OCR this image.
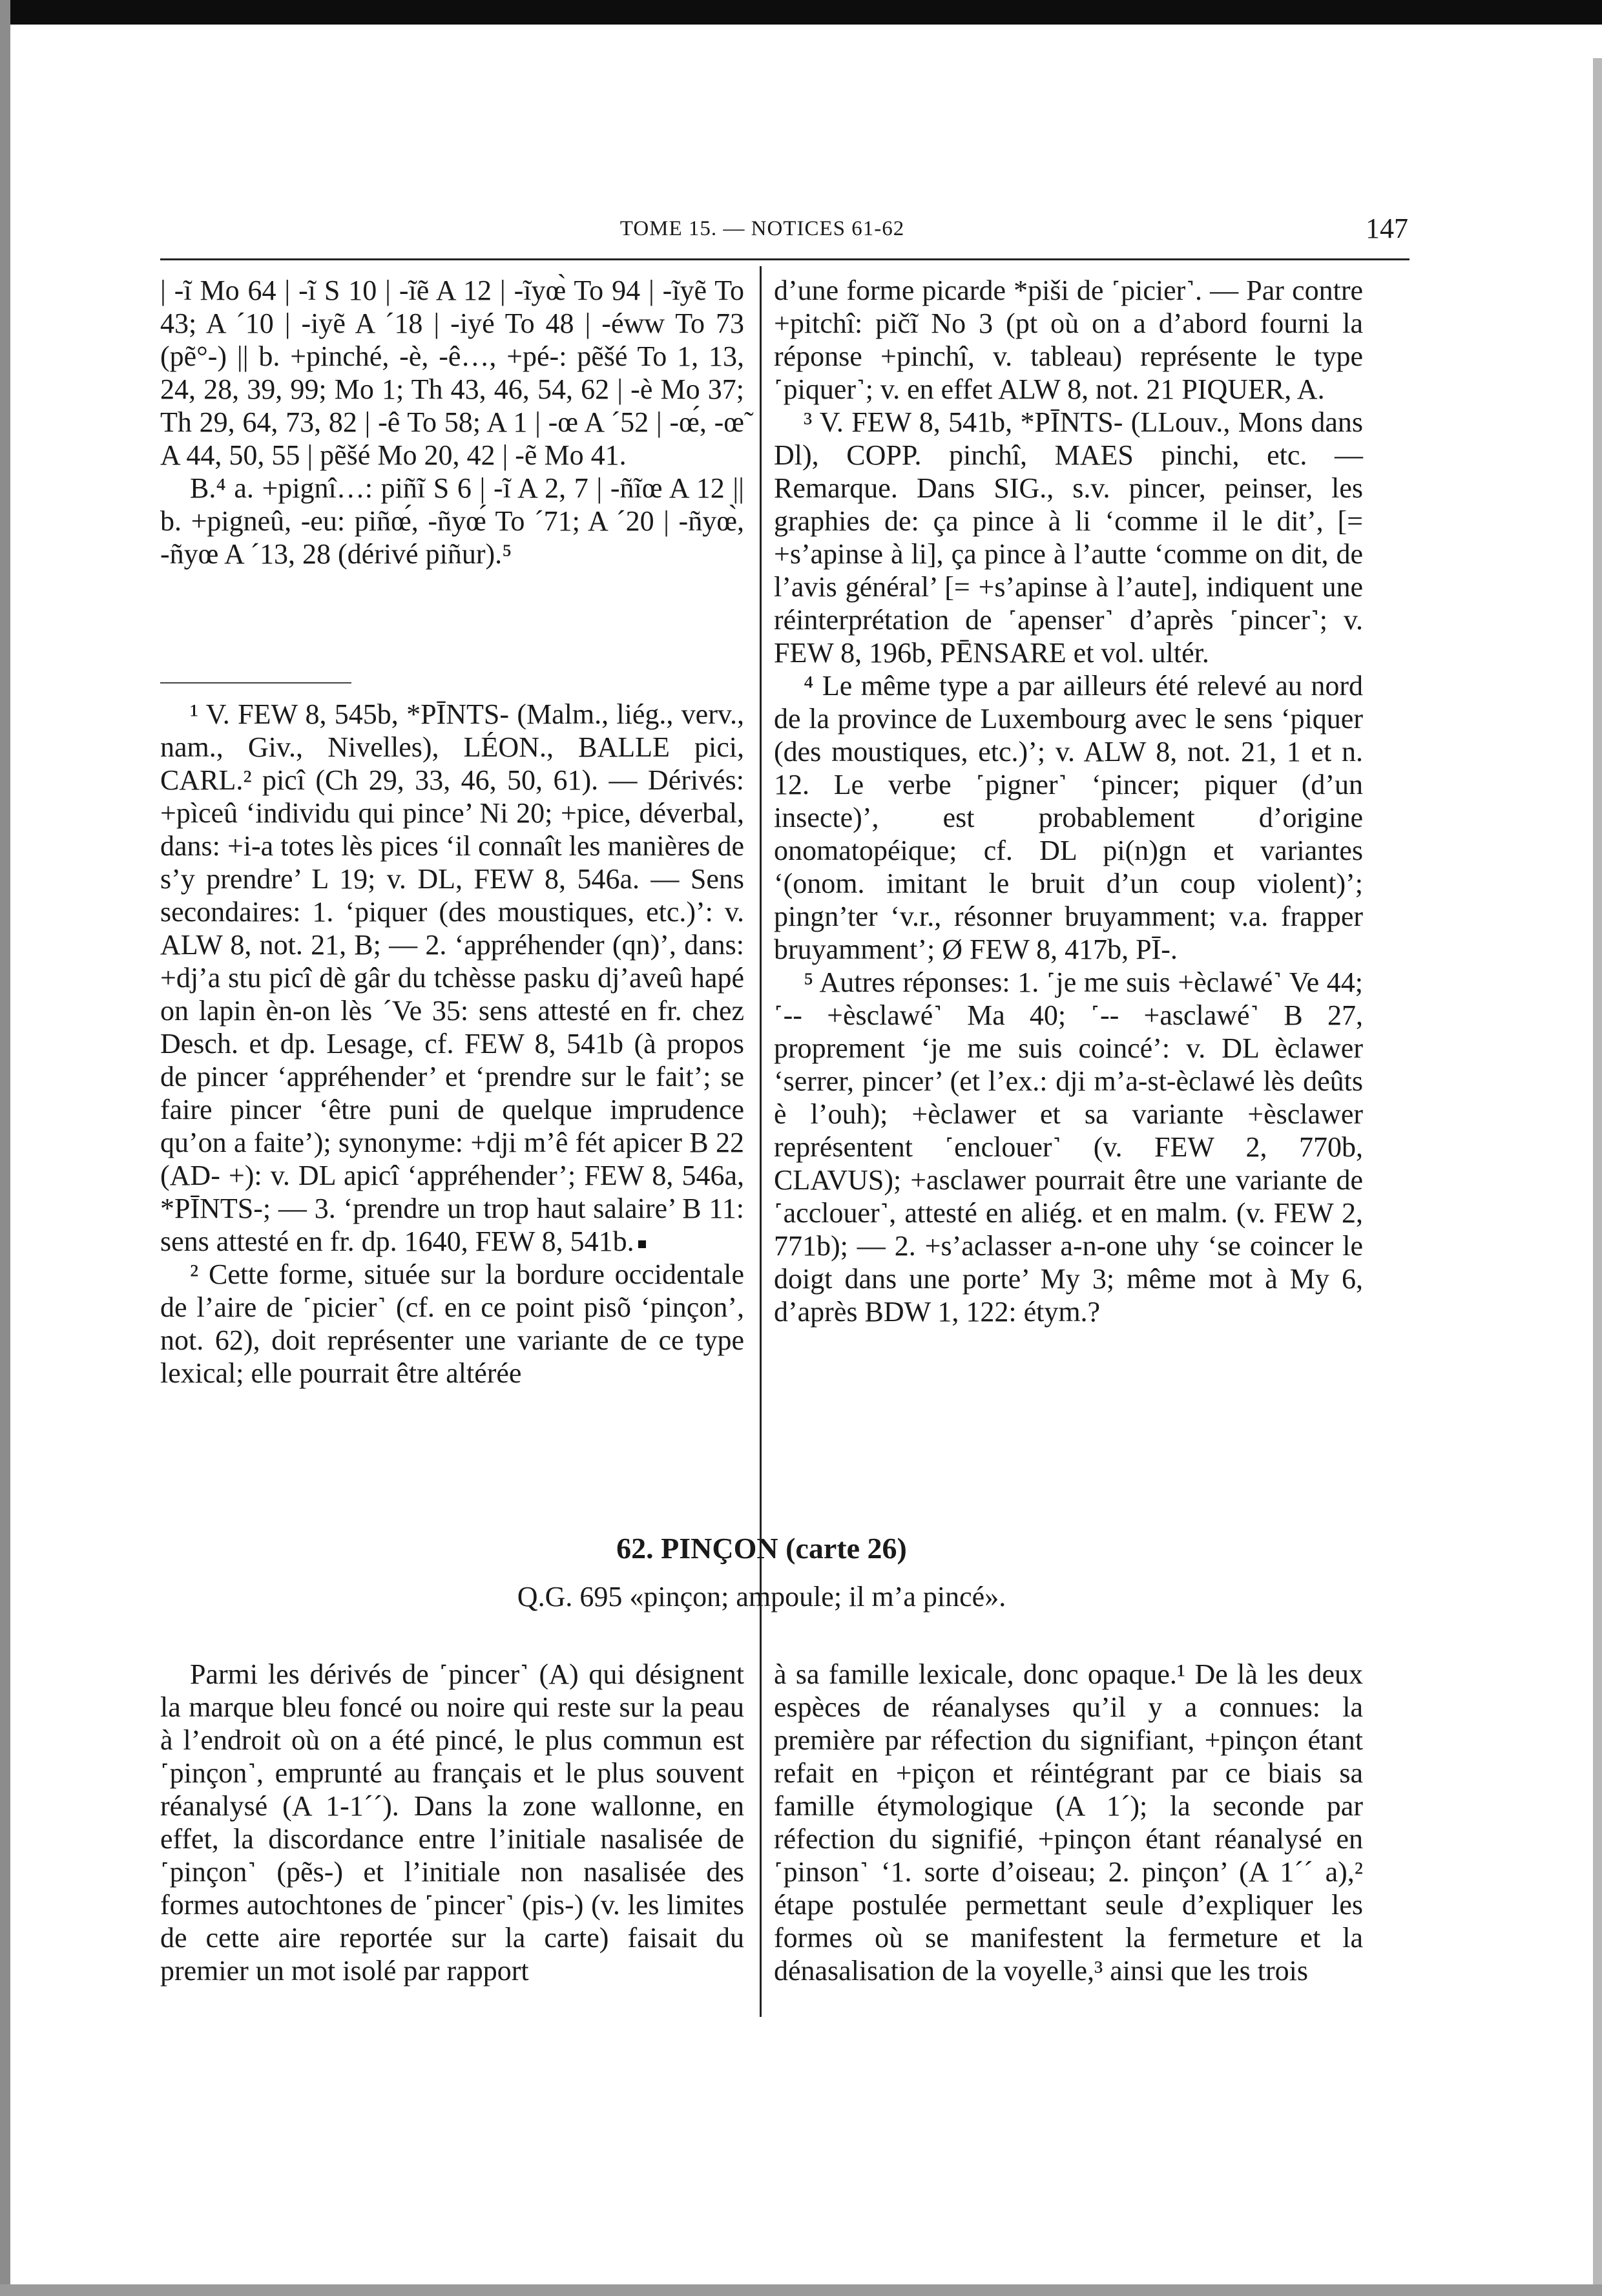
TOME 15. — NOTICES 61-62	147

| -ĩ Mo 64 | -ĩ S 10 | -ĩẽ A 12 | -ĩyœ̀ To 94 | -ĩyẽ To 43; A ´10 | -iyẽ A ´18 | -iyé To 48 | -éww To 73 (pẽ°-) || b. +pinché, -è, -ê…, +pé-: pẽšé To 1, 13, 24, 28, 39, 99; Mo 1; Th 43, 46, 54, 62 | -è Mo 37; Th 29, 64, 73, 82 | -ê To 58; A 1 | -œ A ´52 | -œ́, -œ̃ A 44, 50, 55 | pẽšé Mo 20, 42 | -ẽ Mo 41.

B.⁴ a. +pignî…: piñĩ S 6 | -ĩ A 2, 7 | -ñĩœ A 12 || b. +pigneû, -eu: piñœ́, -ñyœ́ To ´71; A ´20 | -ñyœ̀, -ñyœ A ´13, 28 (dérivé piñur).⁵

¹ V. FEW 8, 545b, *PĪNTS- (Malm., liég., verv., nam., Giv., Nivelles), LÉON., BALLE pici, CARL.² picî (Ch 29, 33, 46, 50, 61). — Dérivés: +pìceû ‘individu qui pince’ Ni 20; +pice, déverbal, dans: +i-a totes lès pices ‘il connaît les manières de s’y prendre’ L 19; v. DL, FEW 8, 546a. — Sens secondaires: 1. ‘piquer (des moustiques, etc.)’: v. ALW 8, not. 21, B; — 2. ‘appréhender (qn)’, dans: +dj’a stu picî dè gâr du tchèsse pasku dj’aveû hapé on lapin èn-on lès ´Ve 35: sens attesté en fr. chez Desch. et dp. Lesage, cf. FEW 8, 541b (à propos de pincer ‘appréhender’ et ‘prendre sur le fait’; se faire pincer ‘être puni de quelque imprudence qu’on a faite’); synonyme: +dji m’ê fét apicer B 22 (AD- +): v. DL apicî ‘appréhender’; FEW 8, 546a, *PĪNTS-; — 3. ‘prendre un trop haut salaire’ B 11: sens attesté en fr. dp. 1640, FEW 8, 541b.

² Cette forme, située sur la bordure occidentale de l’aire de ˹picier˺ (cf. en ce point pisõ ‘pinçon’, not. 62), doit représenter une variante de ce type lexical; elle pourrait être altérée

d’une forme picarde *piši de ˹picier˺. — Par contre +pitchî: pičĩ No 3 (pt où on a d’abord fourni la réponse +pinchî, v. tableau) représente le type ˹piquer˺; v. en effet ALW 8, not. 21 PIQUER, A.

³ V. FEW 8, 541b, *PĪNTS- (LLouv., Mons dans Dl), COPP. pinchî, MAES pinchi, etc. — Remarque. Dans SIG., s.v. pincer, peinser, les graphies de: ça pince à li ‘comme il le dit’, [= +s’apinse à li], ça pince à l’autte ‘comme on dit, de l’avis général’ [= +s’apinse à l’aute], indiquent une réinterprétation de ˹apenser˺ d’après ˹pincer˺; v. FEW 8, 196b, PĒNSARE et vol. ultér.

⁴ Le même type a par ailleurs été relevé au nord de la province de Luxembourg avec le sens ‘piquer (des moustiques, etc.)’; v. ALW 8, not. 21, 1 et n. 12. Le verbe ˹pigner˺ ‘pincer; piquer (d’un insecte)’, est probablement d’origine onomatopéique; cf. DL pi(n)gn et variantes ‘(onom. imitant le bruit d’un coup violent)’; pingn’ter ‘v.r., résonner bruyamment; v.a. frapper bruyamment’; Ø FEW 8, 417b, PĪ-.

⁵ Autres réponses: 1. ˹je me suis +èclawé˺ Ve 44; ˹-- +èsclawé˺ Ma 40; ˹-- +asclawé˺ B 27, proprement ‘je me suis coincé’: v. DL èclawer ‘serrer, pincer’ (et l’ex.: dji m’a-st-èclawé lès deûts è l’ouh); +èclawer et sa variante +èsclawer représentent ˹enclouer˺ (v. FEW 2, 770b, CLAVUS); +asclawer pourrait être une variante de ˹acclouer˺, attesté en aliég. et en malm. (v. FEW 2, 771b); — 2. +s’aclasser a-n-one uhy ‘se coincer le doigt dans une porte’ My 3; même mot à My 6, d’après BDW 1, 122: étym.?

62. PINÇON (carte 26)
Q.G. 695 «pinçon; ampoule; il m’a pincé».

Parmi les dérivés de ˹pincer˺ (A) qui désignent la marque bleu foncé ou noire qui reste sur la peau à l’endroit où on a été pincé, le plus commun est ˹pinçon˺, emprunté au français et le plus souvent réanalysé (A 1-1´´). Dans la zone wallonne, en effet, la discordance entre l’initiale nasalisée de ˹pinçon˺ (pẽs-) et l’initiale non nasalisée des formes autochtones de ˹pincer˺ (pis-) (v. les limites de cette aire reportée sur la carte) faisait du premier un mot isolé par rapport

à sa famille lexicale, donc opaque.¹ De là les deux espèces de réanalyses qu’il y a connues: la première par réfection du signifiant, +pinçon étant refait en +piçon et réintégrant par ce biais sa famille étymologique (A 1´); la seconde par réfection du signifié, +pinçon étant réanalysé en ˹pinson˺ ‘1. sorte d’oiseau; 2. pinçon’ (A 1´´ a),² étape postulée permettant seule d’expliquer les formes où se manifestent la fermeture et la dénasalisation de la voyelle,³ ainsi que les trois
